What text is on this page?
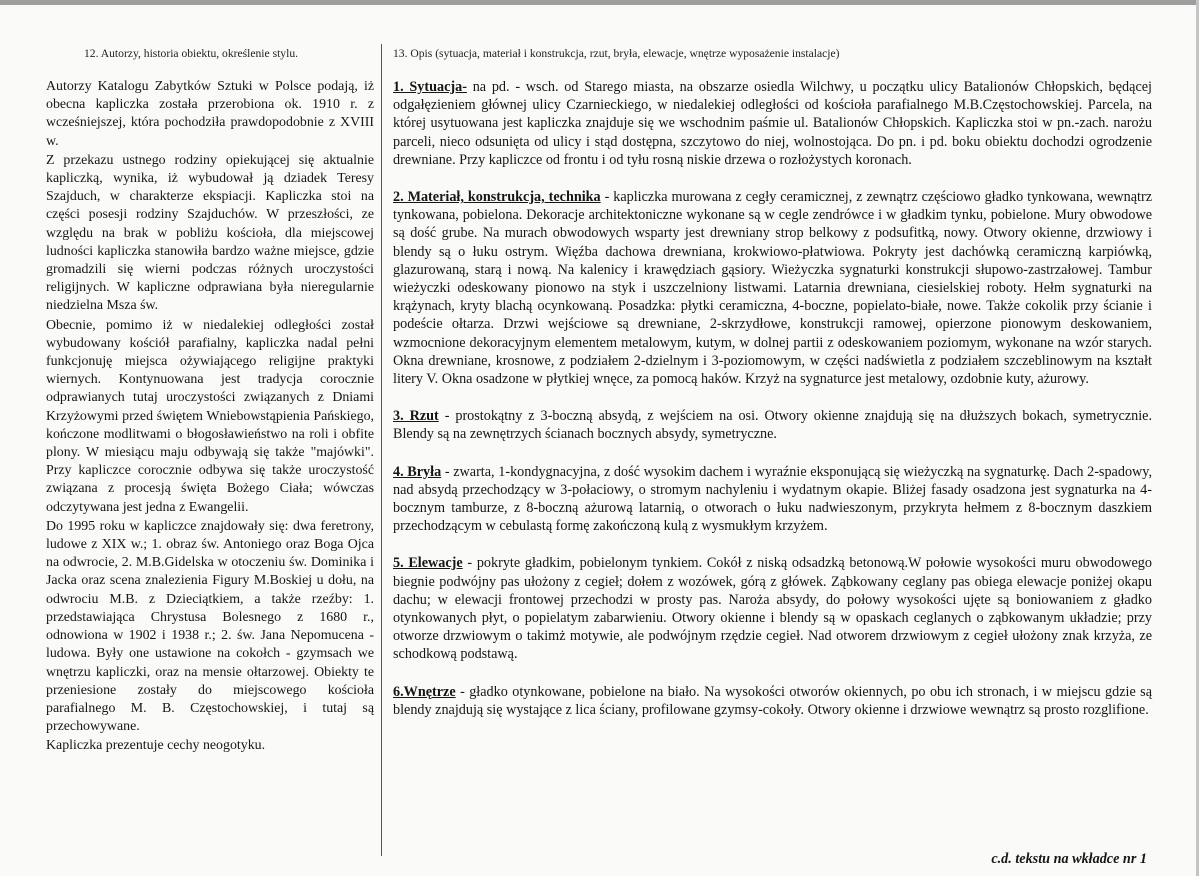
12. Autorzy, historia obiektu, określenie stylu.

Autorzy Katalogu Zabytków Sztuki w Polsce podają, iż obecna kapliczka została przerobiona ok. 1910 r. z wcześniejszej, która pochodziła prawdopodobnie z XVIII w.

Z przekazu ustnego rodziny opiekującej się aktualnie kapliczką, wynika, iż wybudował ją dziadek Teresy Szajduch, w charakterze ekspiacji. Kapliczka stoi na części posesji rodziny Szajduchów. W przeszłości, ze względu na brak w pobliżu kościoła, dla miejscowej ludności kapliczka stanowiła bardzo ważne miejsce, gdzie gromadzili się wierni podczas różnych uroczystości religijnych. W kapliczne odprawiana była nieregularnie niedzielna Msza św.

Obecnie, pomimo iż w niedalekiej odległości został wybudowany kościół parafialny, kapliczka nadal pełni funkcjonuję miejsca ożywiającego religijne praktyki wiernych. Kontynuowana jest tradycja corocznie odprawianych tutaj uroczystości związanych z Dniami Krzyżowymi przed świętem Wniebowstąpienia Pańskiego, kończone modlitwami o błogosławieństwo na roli i obfite plony. W miesiącu maju odbywają się także "majówki". Przy kapliczce corocznie odbywa się także uroczystość związana z procesją święta Bożego Ciała; wówczas odczytywana jest jedna z Ewangelii.

Do 1995 roku w kapliczce znajdowały się: dwa feretrony, ludowe z XIX w.; 1. obraz św. Antoniego oraz Boga Ojca na odwrocie, 2. M.B.Gidelska w otoczeniu św. Dominika i Jacka oraz scena znalezienia Figury M.Boskiej u dołu, na odwrociu M.B. z Dzieciątkiem, a także rzeźby: 1. przedstawiająca Chrystusa Bolesnego z 1680 r., odnowiona w 1902 i 1938 r.; 2. św. Jana Nepomucena - ludowa. Były one ustawione na cokołch - gzymsach we wnętrzu kapliczki, oraz na mensie ołtarzowej. Obiekty te przeniesione zostały do miejscowego kościoła parafialnego M. B. Częstochowskiej, i tutaj są przechowywane.

Kapliczka prezentuje cechy neogotyku.

13. Opis (sytuacja, materiał i konstrukcja, rzut, bryła, elewacje, wnętrze wyposażenie instalacje)

1. Sytuacja- na pd. - wsch. od Starego miasta, na obszarze osiedla Wilchwy, u początku ulicy Batalionów Chłopskich, będącej odgałęzieniem głównej ulicy Czarnieckiego, w niedalekiej odległości od kościoła parafialnego M.B.Częstochowskiej. Parcela, na której usytuowana jest kapliczka znajduje się we wschodnim paśmie ul. Batalionów Chłopskich. Kapliczka stoi w pn.-zach. narożu parceli, nieco odsunięta od ulicy i stąd dostępna, szczytowo do niej, wolnostojąca. Do pn. i pd. boku obiektu dochodzi ogrodzenie drewniane. Przy kapliczce od frontu i od tyłu rosną niskie drzewa o rozłożystych koronach.

2. Materiał, konstrukcja, technika - kapliczka murowana z cegły ceramicznej, z zewnątrz częściowo gładko tynkowana, wewnątrz tynkowana, pobielona. Dekoracje architektoniczne wykonane są w cegle zendrówce i w gładkim tynku, pobielone. Mury obwodowe są dość grube. Na murach obwodowych wsparty jest drewniany strop belkowy z podsufitką, nowy. Otwory okienne, drzwiowy i blendy są o łuku ostrym. Więźba dachowa drewniana, krokwiowo-płatwiowa. Pokryty jest dachówką ceramiczną karpiówką, glazurowaną, starą i nową. Na kalenicy i krawędziach gąsiory. Wieżyczka sygnaturki konstrukcji słupowo-zastrzałowej. Tambur wieżyczki odeskowany pionowo na styk i uszczelniony listwami. Latarnia drewniana, ciesielskiej roboty. Hełm sygnaturki na krążynach, kryty blachą ocynkowaną. Posadzka: płytki ceramiczna, 4-boczne, popielato-białe, nowe. Także cokolik przy ścianie i podeście ołtarza. Drzwi wejściowe są drewniane, 2-skrzydłowe, konstrukcji ramowej, opierzone pionowym deskowaniem, wzmocnione dekoracyjnym elementem metalowym, kutym, w dolnej partii z odeskowaniem poziomym, wykonane na wzór starych. Okna drewniane, krosnowe, z podziałem 2-dzielnym i 3-poziomowym, w części nadświetla z podziałem szczeblinowym na kształt litery V. Okna osadzone w płytkiej wnęce, za pomocą haków. Krzyż na sygnaturce jest metalowy, ozdobnie kuty, ażurowy.

3. Rzut - prostokątny z 3-boczną absydą, z wejściem na osi. Otwory okienne znajdują się na dłuższych bokach, symetrycznie. Blendy są na zewnętrzych ścianach bocznych absydy, symetryczne.

4. Bryła - zwarta, 1-kondygnacyjna, z dość wysokim dachem i wyraźnie eksponującą się wieżyczką na sygnaturkę. Dach 2-spadowy, nad absydą przechodzący w 3-połaciowy, o stromym nachyleniu i wydatnym okapie. Bliżej fasady osadzona jest sygnaturka na 4-bocznym tamburze, z 8-boczną ażurową latarnią, o otworach o łuku nadwieszonym, przykryta hełmem z 8-bocznym daszkiem przechodzącym w cebulastą formę zakończoną kulą z wysmukłym krzyżem.

5. Elewacje - pokryte gładkim, pobielonym tynkiem. Cokół z niską odsadzką betonową.W połowie wysokości muru obwodowego biegnie podwójny pas ułożony z cegieł; dołem z wozówek, górą z główek. Ząbkowany ceglany pas obiega elewacje poniżej okapu dachu; w elewacji frontowej przechodzi w prosty pas. Naroża absydy, do połowy wysokości ujęte są boniowaniem z gładko otynkowanych płyt, o popielatym zabarwieniu. Otwory okienne i blendy są w opaskach ceglanych o ząbkowanym układzie; przy otworze drzwiowym o takimż motywie, ale podwójnym rzędzie cegieł. Nad otworem drzwiowym z cegieł ułożony znak krzyża, ze schodkową podstawą.

6.Wnętrze - gładko otynkowane, pobielone na biało. Na wysokości otworów okiennych, po obu ich stronach, i w miejscu gdzie są blendy znajdują się wystające z lica ściany, profilowane gzymsy-cokoły. Otwory okienne i drzwiowe wewnątrz są prosto rozglifione.

c.d. tekstu na wkładce nr 1
